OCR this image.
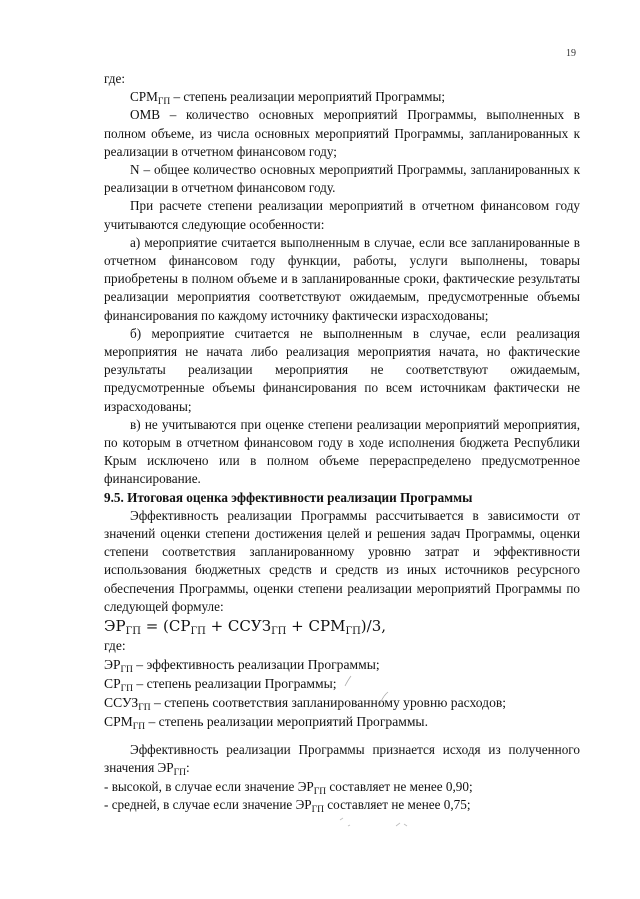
19

где:

$СРМ_{ГП}$ – степень реализации мероприятий Программы;

ОМВ – количество основных мероприятий Программы, выполненных в полном объеме, из числа основных мероприятий Программы, запланированных к реализации в отчетном финансовом году;

N – общее количество основных мероприятий Программы, запланированных к реализации в отчетном финансовом году.

При расчете степени реализации мероприятий в отчетном финансовом году учитываются следующие особенности:

а) мероприятие считается выполненным в случае, если все запланированные в отчетном финансовом году функции, работы, услуги выполнены, товары приобретены в полном объеме и в запланированные сроки, фактические результаты реализации мероприятия соответствуют ожидаемым, предусмотренные объемы финансирования по каждому источнику фактически израсходованы;

б) мероприятие считается не выполненным в случае, если реализация мероприятия не начата либо реализация мероприятия начата, но фактические результаты реализации мероприятия не соответствуют ожидаемым, предусмотренные объемы финансирования по всем источникам фактически не израсходованы;

в) не учитываются при оценке степени реализации мероприятий мероприятия, по которым в отчетном финансовом году в ходе исполнения бюджета Республики Крым исключено или в полном объеме перераспределено предусмотренное финансирование.

9.5. Итоговая оценка эффективности реализации Программы

Эффективность реализации Программы рассчитывается в зависимости от значений оценки степени достижения целей и решения задач Программы, оценки степени соответствия запланированному уровню затрат и эффективности использования бюджетных средств и средств из иных источников ресурсного обеспечения Программы, оценки степени реализации мероприятий Программы по следующей формуле:

$ЭР_{ГП} = (СР_{ГП}$ + $ССУЗ_{ГП} + СРМ_{ГП})/3$,

где:

$ЭР_{ГП}$ – эффективность реализации Программы;

$СР_{ГП}$ – степень реализации Программы;

$ССУЗ_{ГП}$ – степень соответствия запланированному уровню расходов;

$СРМ_{ГП}$ – степень реализации мероприятий Программы.

Эффективность реализации Программы признается исходя из полученного значения $ЭР_{ГП}$:

- высокой, в случае если значение $ЭР_{ГП}$ составляет не менее 0,90;

- средней, в случае если значение $ЭР_{ГП}$ составляет не менее 0,75;
